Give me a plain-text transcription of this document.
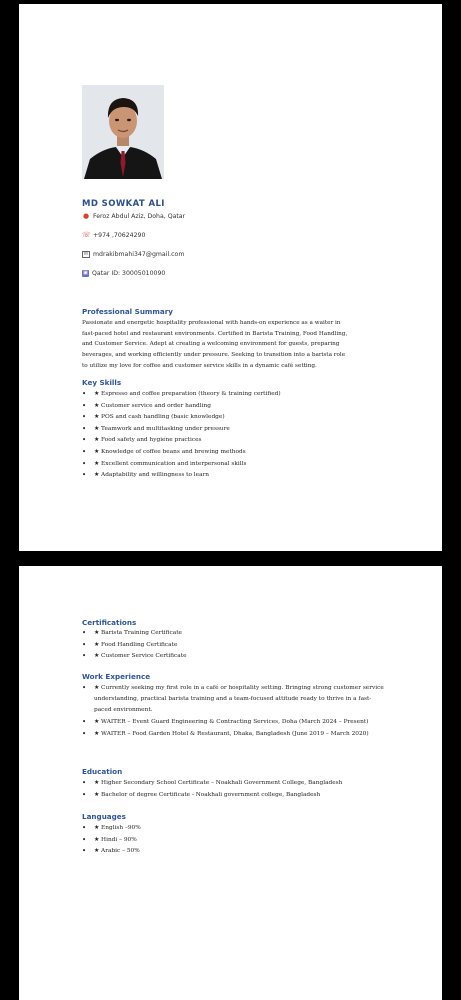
MD SOWKAT ALI
● Feroz Abdul Aziz, Doha, Qatar
☏ +974 ,70624290
✉ mdrakibmahi347@gmail.com
▣ Qatar ID: 30005010090
Professional Summary
Passionate and energetic hospitality professional with hands-on experience as a waiter in
fast-paced hotel and restaurant environments. Certified in Barista Training, Food Handling,
and Customer Service. Adept at creating a welcoming environment for guests, preparing
beverages, and working efficiently under pressure. Seeking to transition into a barista role
to utilize my love for coffee and customer service skills in a dynamic café setting.
Key Skills
• ★ Espresso and coffee preparation (theory & training certified)
• ★ Customer service and order handling
• ★ POS and cash handling (basic knowledge)
• ★ Teamwork and multitasking under pressure
• ★ Food safety and hygiene practices
• ★ Knowledge of coffee beans and brewing methods
• ★ Excellent communication and interpersonal skills
• ★ Adaptability and willingness to learn
Certifications
• ★ Barista Training Certificate
• ★ Food Handling Certificate
• ★ Customer Service Certificate
Work Experience
• ★ Currently seeking my first role in a café or hospitality setting. Bringing strong customer service understanding, practical barista training and a team-focused attitude ready to thrive in a fast-paced environment.
• ★ WAITER – Event Guard Engineering & Contracting Services, Doha (March 2024 – Present)
• ★ WAITER – Food Garden Hotel & Restaurant, Dhaka, Bangladesh (June 2019 – March 2020)
Education
• ★ Higher Secondary School Certificate – Noakhali Government College, Bangladesh
• ★ Bachelor of degree Certificate - Noakhali government college, Bangladesh
Languages
• ★ English –90%
• ★ Hindi – 90%
• ★ Arabic – 50%
